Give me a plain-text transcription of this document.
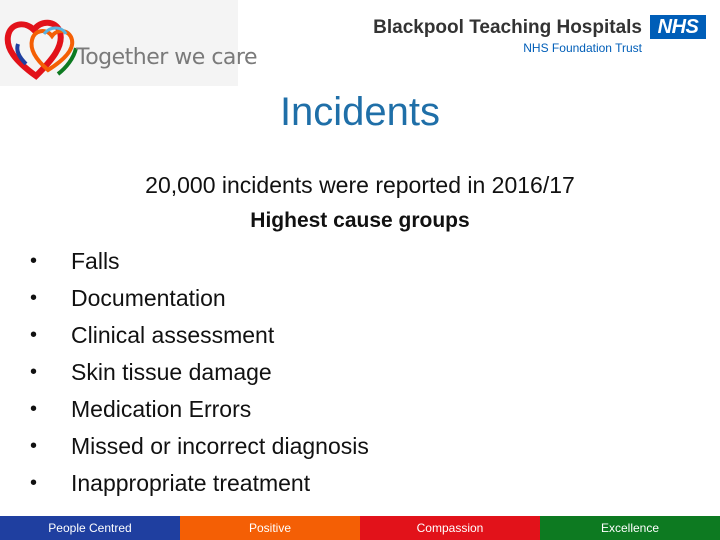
Together we care
Blackpool Teaching Hospitals
NHS Foundation Trust
NHS
Incidents
20,000 incidents were reported in 2016/17
Highest cause groups
• Falls
• Documentation
• Clinical assessment
• Skin tissue damage
• Medication Errors
• Missed or incorrect diagnosis
• Inappropriate treatment
People Centred	Positive	Compassion	Excellence
